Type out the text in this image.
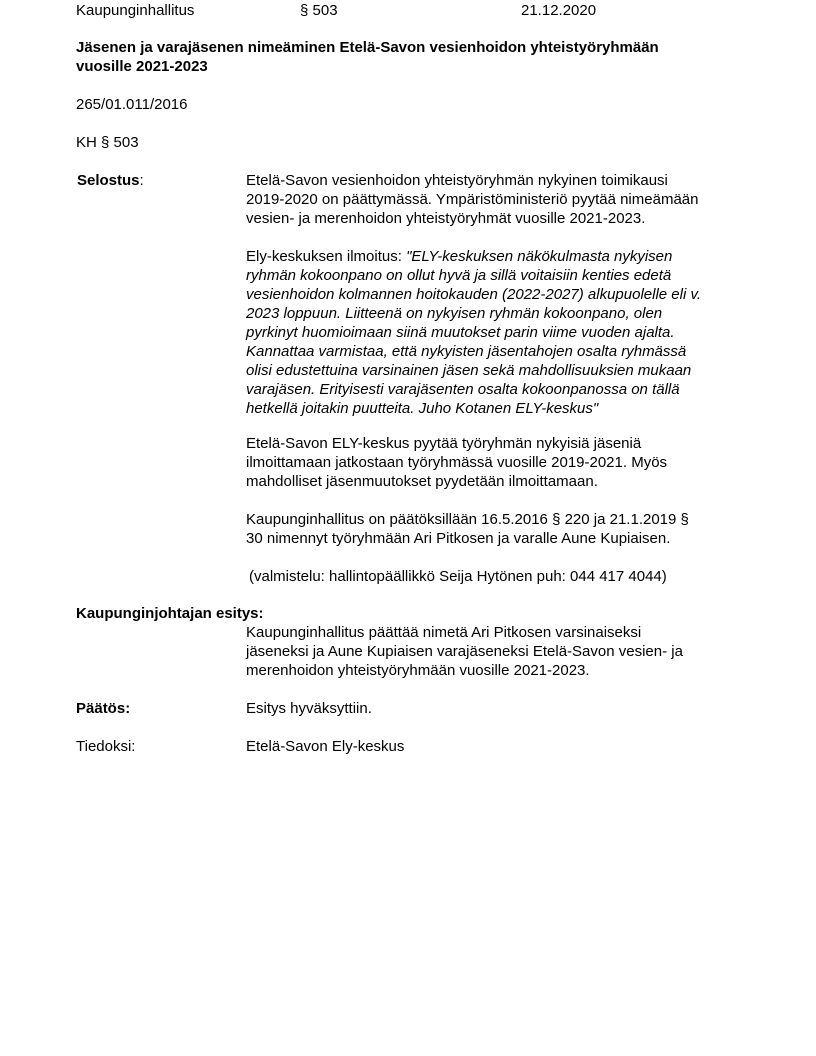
Kaupunginhallitus	§ 503	21.12.2020
Jäsenen ja varajäsenen nimeäminen Etelä-Savon vesienhoidon yhteistyöryhmään
vuosille 2021-2023
265/01.011/2016
KH § 503
Selostus:	Etelä-Savon vesienhoidon yhteistyöryhmän nykyinen toimikausi
2019-2020 on päättymässä. Ympäristöministeriö pyytää nimeämään
vesien- ja merenhoidon yhteistyöryhmät vuosille 2021-2023.
Ely-keskuksen ilmoitus: "ELY-keskuksen näkökulmasta nykyisen
ryhmän kokoonpano on ollut hyvä ja sillä voitaisiin kenties edetä
vesienhoidon kolmannen hoitokauden (2022-2027) alkupuolelle eli v.
2023 loppuun. Liitteenä on nykyisen ryhmän kokoonpano, olen
pyrkinyt huomioimaan siinä muutokset parin viime vuoden ajalta.
Kannattaa varmistaa, että nykyisten jäsentahojen osalta ryhmässä
olisi edustettuina varsinainen jäsen sekä mahdollisuuksien mukaan
varajäsen. Erityisesti varajäsenten osalta kokoonpanossa on tällä
hetkellä joitakin puutteita. Juho Kotanen ELY-keskus"
Etelä-Savon ELY-keskus pyytää työryhmän nykyisiä jäseniä
ilmoittamaan jatkostaan työryhmässä vuosille 2019-2021. Myös
mahdolliset jäsenmuutokset pyydetään ilmoittamaan.
Kaupunginhallitus on päätöksillään 16.5.2016 § 220 ja 21.1.2019 §
30 nimennyt työryhmään Ari Pitkosen ja varalle Aune Kupiaisen.
(valmistelu: hallintopäällikkö Seija Hytönen puh: 044 417 4044)
Kaupunginjohtajan esitys:
Kaupunginhallitus päättää nimetä Ari Pitkosen varsinaiseksi
jäseneksi ja Aune Kupiaisen varajäseneksi Etelä-Savon vesien- ja
merenhoidon yhteistyöryhmään vuosille 2021-2023.
Päätös:	Esitys hyväksyttiin.
Tiedoksi:	Etelä-Savon Ely-keskus
